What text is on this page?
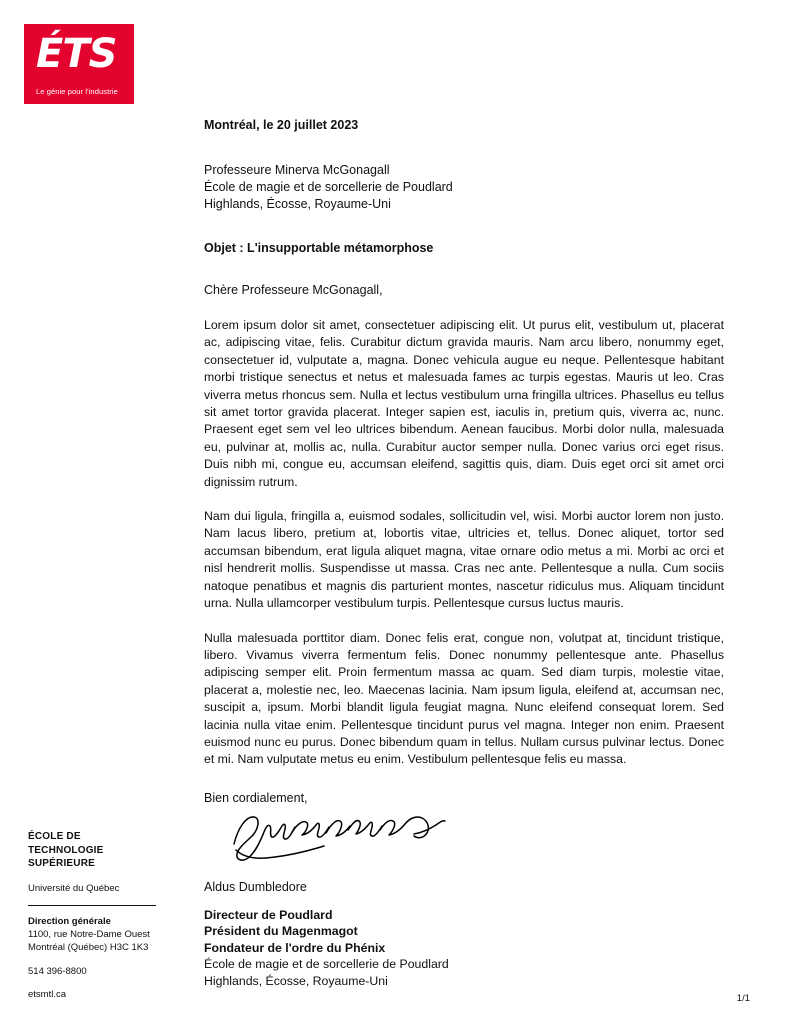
ÉTS
Le génie pour l'industrie
Montréal, le 20 juillet 2023
Professeure Minerva McGonagall
École de magie et de sorcellerie de Poudlard
Highlands, Écosse, Royaume-Uni
Objet : L'insupportable métamorphose
Chère Professeure McGonagall,

Lorem ipsum dolor sit amet, consectetuer adipiscing elit. Ut purus elit, vestibulum ut, placerat ac, adipiscing vitae, felis. Curabitur dictum gravida mauris. Nam arcu libero, nonummy eget, consectetuer id, vulputate a, magna. Donec vehicula augue eu neque. Pellentesque habitant morbi tristique senectus et netus et malesuada fames ac turpis egestas. Mauris ut leo. Cras viverra metus rhoncus sem. Nulla et lectus vestibulum urna fringilla ultrices. Phasellus eu tellus sit amet tortor gravida placerat. Integer sapien est, iaculis in, pretium quis, viverra ac, nunc. Praesent eget sem vel leo ultrices bibendum. Aenean faucibus. Morbi dolor nulla, malesuada eu, pulvinar at, mollis ac, nulla. Curabitur auctor semper nulla. Donec varius orci eget risus. Duis nibh mi, congue eu, accumsan eleifend, sagittis quis, diam. Duis eget orci sit amet orci dignissim rutrum.

Nam dui ligula, fringilla a, euismod sodales, sollicitudin vel, wisi. Morbi auctor lorem non justo. Nam lacus libero, pretium at, lobortis vitae, ultricies et, tellus. Donec aliquet, tortor sed accumsan bibendum, erat ligula aliquet magna, vitae ornare odio metus a mi. Morbi ac orci et nisl hendrerit mollis. Suspendisse ut massa. Cras nec ante. Pellentesque a nulla. Cum sociis natoque penatibus et magnis dis parturient montes, nascetur ridiculus mus. Aliquam tincidunt urna. Nulla ullamcorper vestibulum turpis. Pellentesque cursus luctus mauris.

Nulla malesuada porttitor diam. Donec felis erat, congue non, volutpat at, tincidunt tristique, libero. Vivamus viverra fermentum felis. Donec nonummy pellentesque ante. Phasellus adipiscing semper elit. Proin fermentum massa ac quam. Sed diam turpis, molestie vitae, placerat a, molestie nec, leo. Maecenas lacinia. Nam ipsum ligula, eleifend at, accumsan nec, suscipit a, ipsum. Morbi blandit ligula feugiat magna. Nunc eleifend consequat lorem. Sed lacinia nulla vitae enim. Pellentesque tincidunt purus vel magna. Integer non enim. Praesent euismod nunc eu purus. Donec bibendum quam in tellus. Nullam cursus pulvinar lectus. Donec et mi. Nam vulputate metus eu enim. Vestibulum pellentesque felis eu massa.

Bien cordialement,
Aldus Dumbledore
Directeur de Poudlard
Président du Magenmagot
Fondateur de l'ordre du Phénix
École de magie et de sorcellerie de Poudlard
Highlands, Écosse, Royaume-Uni
ÉCOLE DE
TECHNOLOGIE
SUPÉRIEURE
Université du Québec
Direction générale
1100, rue Notre-Dame Ouest
Montréal (Québec) H3C 1K3
514 396-8800
etsmtl.ca	1/1
